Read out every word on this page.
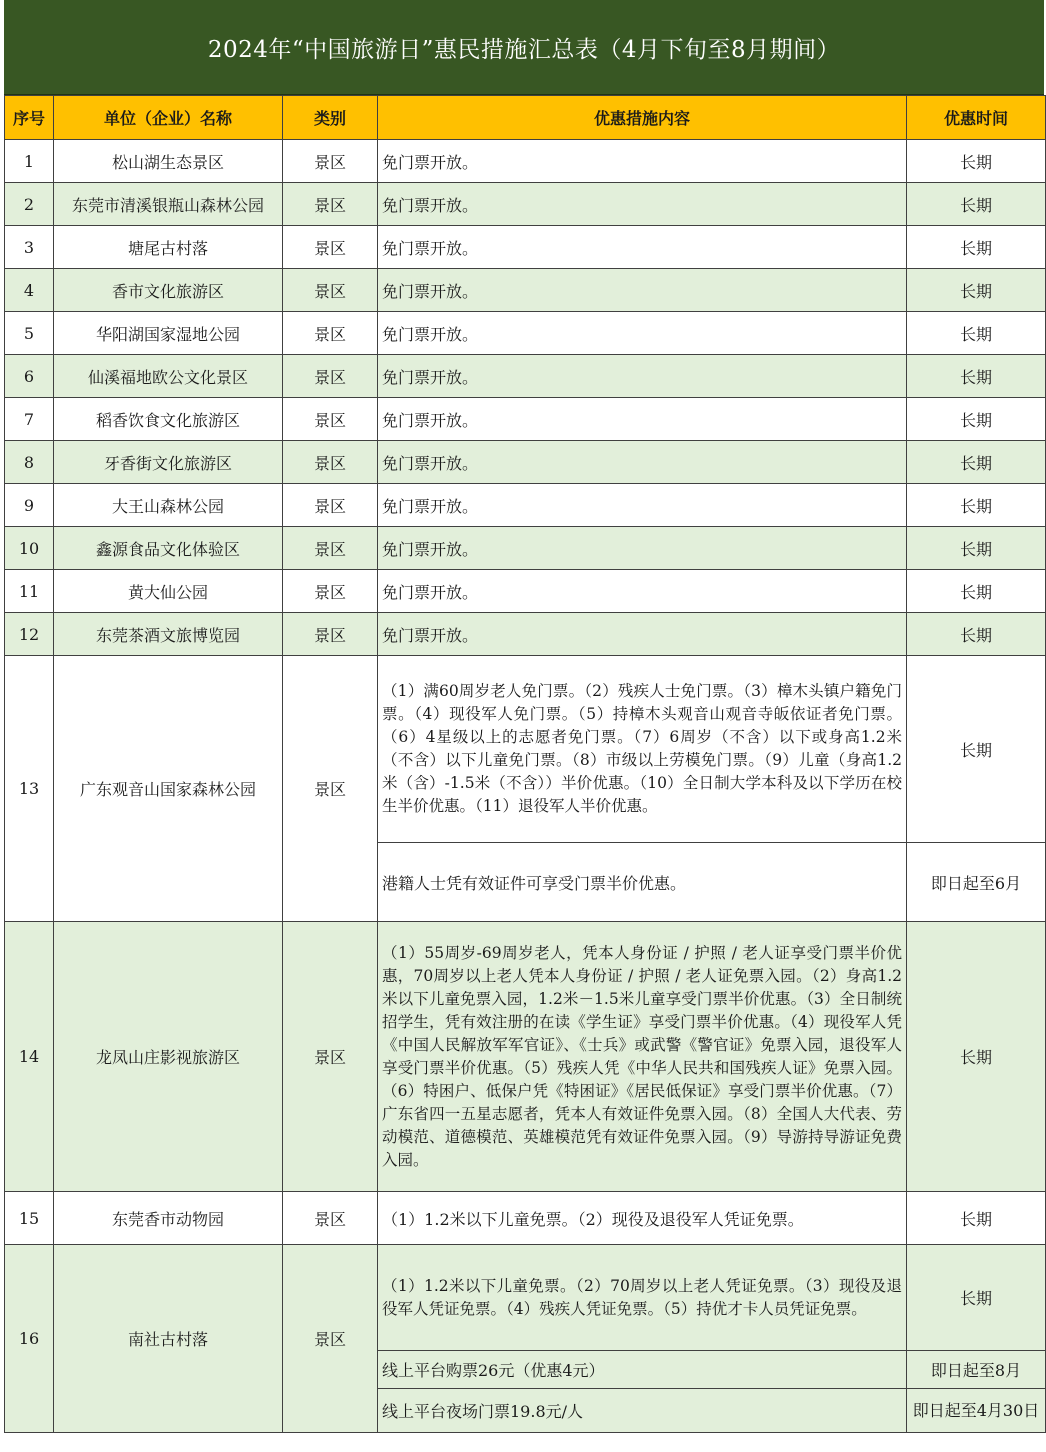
2024年“中国旅游日”惠民措施汇总表（4月下旬至8月期间）
序号	单位（企业）名称	类别	优惠措施内容	优惠时间
1	松山湖生态景区	景区	免门票开放。	长期
2	东莞市清溪银瓶山森林公园	景区	免门票开放。	长期
3	塘尾古村落	景区	免门票开放。	长期
4	香市文化旅游区	景区	免门票开放。	长期
5	华阳湖国家湿地公园	景区	免门票开放。	长期
6	仙溪福地欧公文化景区	景区	免门票开放。	长期
7	稻香饮食文化旅游区	景区	免门票开放。	长期
8	牙香街文化旅游区	景区	免门票开放。	长期
9	大王山森林公园	景区	免门票开放。	长期
10	鑫源食品文化体验区	景区	免门票开放。	长期
11	黄大仙公园	景区	免门票开放。	长期
12	东莞茶酒文旅博览园	景区	免门票开放。	长期
13	广东观音山国家森林公园	景区	（1）满60周岁老人免门票。（2）残疾人士免门票。（3）樟木头镇户籍免门票。（4）现役军人免门票。（5）持樟木头观音山观音寺皈依证者免门票。（6）4星级以上的志愿者免门票。（7）6周岁（不含）以下或身高1.2米（不含）以下儿童免门票。（8）市级以上劳模免门票。（9）儿童（身高1.2米（含）-1.5米（不含））半价优惠。（10）全日制大学本科及以下学历在校生半价优惠。（11）退役军人半价优惠。	长期
			港籍人士凭有效证件可享受门票半价优惠。	即日起至6月
14	龙凤山庄影视旅游区	景区	（1）55周岁-69周岁老人，凭本人身份证 / 护照 / 老人证享受门票半价优惠，70周岁以上老人凭本人身份证 / 护照 / 老人证免票入园。（2）身高1.2米以下儿童免票入园，1.2米－1.5米儿童享受门票半价优惠。（3）全日制统招学生，凭有效注册的在读《学生证》享受门票半价优惠。（4）现役军人凭《中国人民解放军军官证》、《士兵》或武警《警官证》免票入园，退役军人享受门票半价优惠。（5）残疾人凭《中华人民共和国残疾人证》免票入园。（6）特困户、低保户凭《特困证》《居民低保证》享受门票半价优惠。（7）广东省四一五星志愿者，凭本人有效证件免票入园。（8）全国人大代表、劳动模范、道德模范、英雄模范凭有效证件免票入园。（9）导游持导游证免费入园。	长期
15	东莞香市动物园	景区	（1）1.2米以下儿童免票。（2）现役及退役军人凭证免票。	长期
16	南社古村落	景区	（1）1.2米以下儿童免票。（2）70周岁以上老人凭证免票。（3）现役及退役军人凭证免票。（4）残疾人凭证免票。（5）持优才卡人员凭证免票。	长期
			线上平台购票26元（优惠4元）	即日起至8月
			线上平台夜场门票19.8元/人	即日起至4月30日
